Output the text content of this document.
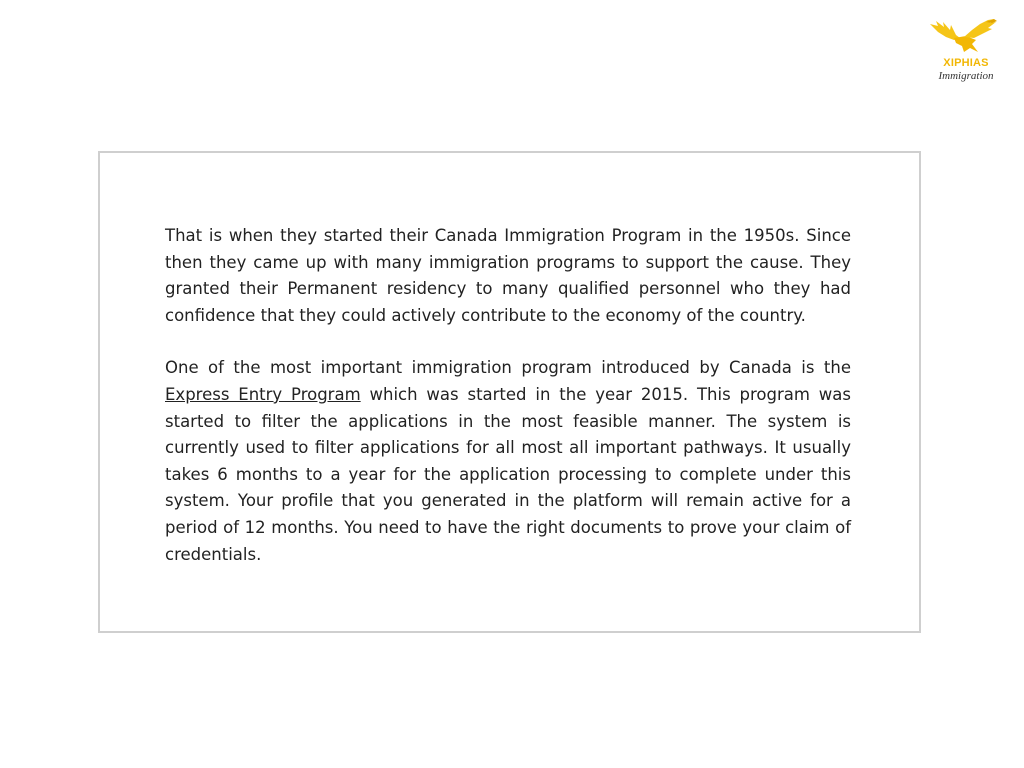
XIPHIAS
Immigration

That is when they started their Canada Immigration Program in the 1950s. Since then they came up with many immigration programs to support the cause. They granted their Permanent residency to many qualified personnel who they had confidence that they could actively contribute to the economy of the country.

One of the most important immigration program introduced by Canada is the Express Entry Program which was started in the year 2015. This program was started to filter the applications in the most feasible manner. The system is currently used to filter applications for all most all important pathways. It usually takes 6 months to a year for the application processing to complete under this system. Your profile that you generated in the platform will remain active for a period of 12 months. You need to have the right documents to prove your claim of credentials.
